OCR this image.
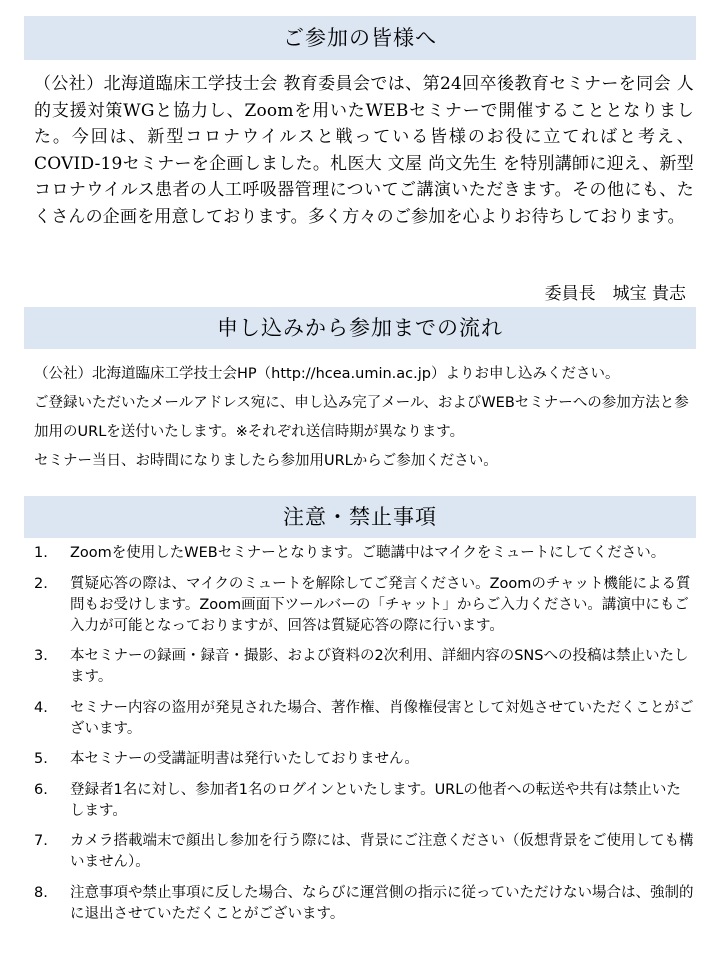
ご参加の皆様へ

（公社）北海道臨床工学技士会 教育委員会では、第24回卒後教育セミナーを同会 人的支援対策WGと協力し、Zoomを用いたWEBセミナーで開催することとなりました。今回は、新型コロナウイルスと戦っている皆様のお役に立てればと考え、COVID-19セミナーを企画しました。札医大 文屋 尚文先生 を特別講師に迎え、新型コロナウイルス患者の人工呼吸器管理についてご講演いただきます。その他にも、たくさんの企画を用意しております。多く方々のご参加を心よりお待ちしております。

委員長　城宝 貴志

申し込みから参加までの流れ

（公社）北海道臨床工学技士会HP（http://hcea.umin.ac.jp）よりお申し込みください。

ご登録いただいたメールアドレス宛に、申し込み完了メール、およびWEBセミナーへの参加方法と参加用のURLを送付いたします。※それぞれ送信時期が異なります。

セミナー当日、お時間になりましたら参加用URLからご参加ください。

注意・禁止事項
1.	Zoomを使用したWEBセミナーとなります。ご聴講中はマイクをミュートにしてください。
2.	質疑応答の際は、マイクのミュートを解除してご発言ください。Zoomのチャット機能による質問もお受けします。Zoom画面下ツールバーの「チャット」からご入力ください。講演中にもご入力が可能となっておりますが、回答は質疑応答の際に行います。
3.	本セミナーの録画・録音・撮影、および資料の2次利用、詳細内容のSNSへの投稿は禁止いたします。
4.	セミナー内容の盗用が発見された場合、著作権、肖像権侵害として対処させていただくことがございます。
5.	本セミナーの受講証明書は発行いたしておりません。
6.	登録者1名に対し、参加者1名のログインといたします。URLの他者への転送や共有は禁止いたします。
7.	カメラ搭載端末で顔出し参加を行う際には、背景にご注意ください（仮想背景をご使用しても構いません）。
8.	注意事項や禁止事項に反した場合、ならびに運営側の指示に従っていただけない場合は、強制的に退出させていただくことがございます。
